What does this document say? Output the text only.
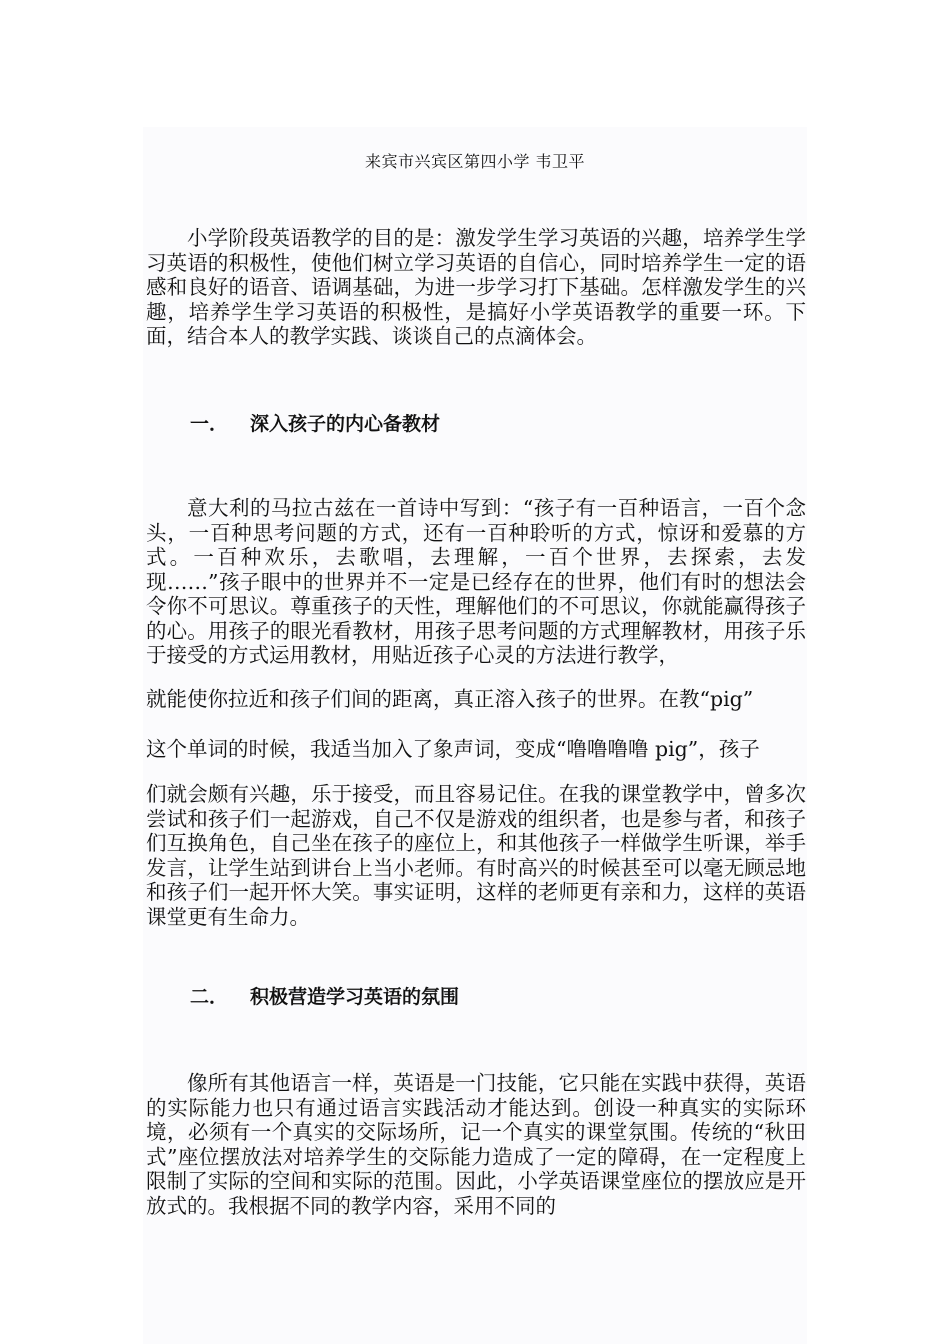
来宾市兴宾区第四小学 韦卫平

小学阶段英语教学的目的是：激发学生学习英语的兴趣，培养学生学习英语的积极性，使他们树立学习英语的自信心，同时培养学生一定的语感和良好的语音、语调基础，为进一步学习打下基础。怎样激发学生的兴趣，培养学生学习英语的积极性，是搞好小学英语教学的重要一环。下面，结合本人的教学实践、谈谈自己的点滴体会。

一． 深入孩子的内心备教材

意大利的马拉古兹在一首诗中写到：“孩子有一百种语言，一百个念头，一百种思考问题的方式，还有一百种聆听的方式，惊讶和爱慕的方式。一百种欢乐，去歌唱，去理解，一百个世界，去探索，去发现……”孩子眼中的世界并不一定是已经存在的世界，他们有时的想法会令你不可思议。尊重孩子的天性，理解他们的不可思议，你就能赢得孩子的心。用孩子的眼光看教材，用孩子思考问题的方式理解教材，用孩子乐于接受的方式运用教材，用贴近孩子心灵的方法进行教学，

就能使你拉近和孩子们间的距离，真正溶入孩子的世界。在教“pig”

这个单词的时候，我适当加入了象声词，变成“噜噜噜噜 pig”，孩子

们就会颇有兴趣，乐于接受，而且容易记住。在我的课堂教学中，曾多次尝试和孩子们一起游戏，自己不仅是游戏的组织者，也是参与者，和孩子们互换角色，自己坐在孩子的座位上，和其他孩子一样做学生听课，举手发言，让学生站到讲台上当小老师。有时高兴的时候甚至可以毫无顾忌地和孩子们一起开怀大笑。事实证明，这样的老师更有亲和力，这样的英语课堂更有生命力。

二． 积极营造学习英语的氛围

像所有其他语言一样，英语是一门技能，它只能在实践中获得，英语的实际能力也只有通过语言实践活动才能达到。创设一种真实的实际环境，必须有一个真实的交际场所，记一个真实的课堂氛围。传统的“秋田式”座位摆放法对培养学生的交际能力造成了一定的障碍，在一定程度上限制了实际的空间和实际的范围。因此，小学英语课堂座位的摆放应是开放式的。我根据不同的教学内容，采用不同的
